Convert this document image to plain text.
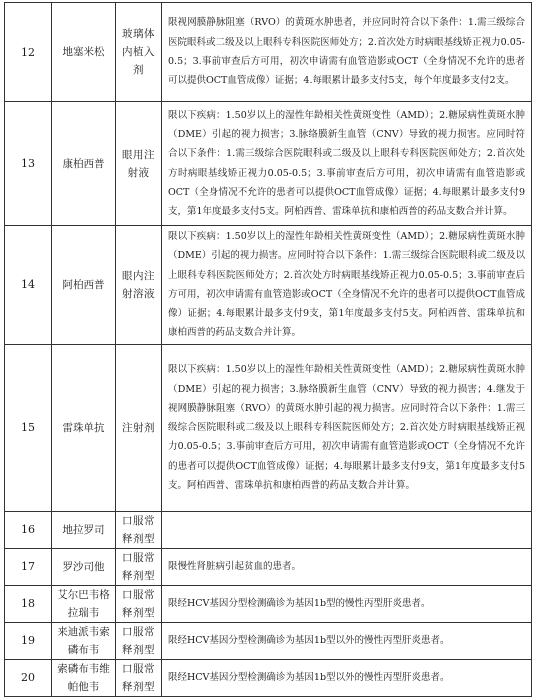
12	地塞米松	玻璃体内植入剂	限视网膜静脉阻塞（RVO）的黄斑水肿患者，并应同时符合以下条件：1.需三级综合医院眼科或二级及以上眼科专科医院医师处方；2.首次处方时病眼基线矫正视力0.05-0.5；3.事前审查后方可用，初次申请需有血管造影或OCT（全身情况不允许的患者可以提供OCT血管成像）证据；4.每眼累计最多支付5支，每个年度最多支付2支。
13	康柏西普	眼用注射液	限以下疾病：1.50岁以上的湿性年龄相关性黄斑变性（AMD）；2.糖尿病性黄斑水肿（DME）引起的视力损害；3.脉络膜新生血管（CNV）导致的视力损害。应同时符合以下条件：1.需三级综合医院眼科或二级及以上眼科专科医院医师处方；2.首次处方时病眼基线矫正视力0.05-0.5；3.事前审查后方可用，初次申请需有血管造影或OCT（全身情况不允许的患者可以提供OCT血管成像）证据；4.每眼累计最多支付9支，第1年度最多支付5支。阿柏西普、雷珠单抗和康柏西普的药品支数合并计算。
14	阿柏西普	眼内注射溶液	限以下疾病：1.50岁以上的湿性年龄相关性黄斑变性（AMD）；2.糖尿病性黄斑水肿（DME）引起的视力损害。应同时符合以下条件：1.需三级综合医院眼科或二级及以上眼科专科医院医师处方；2.首次处方时病眼基线矫正视力0.05-0.5；3.事前审查后方可用，初次申请需有血管造影或OCT（全身情况不允许的患者可以提供OCT血管成像）证据；4.每眼累计最多支付9支，第1年度最多支付5支。阿柏西普、雷珠单抗和康柏西普的药品支数合并计算。
15	雷珠单抗	注射剂	限以下疾病：1.50岁以上的湿性年龄相关性黄斑变性（AMD）；2.糖尿病性黄斑水肿（DME）引起的视力损害；3.脉络膜新生血管（CNV）导致的视力损害；4.继发于视网膜静脉阻塞（RVO）的黄斑水肿引起的视力损害。应同时符合以下条件：1.需三级综合医院眼科或二级及以上眼科专科医院医师处方；2.首次处方时病眼基线矫正视力0.05-0.5；3.事前审查后方可用，初次申请需有血管造影或OCT（全身情况不允许的患者可以提供OCT血管成像）证据；4.每眼累计最多支付9支，第1年度最多支付5支。阿柏西普、雷珠单抗和康柏西普的药品支数合并计算。
16	地拉罗司	口服常释剂型	
17	罗沙司他	口服常释剂型	限慢性肾脏病引起贫血的患者。
18	艾尔巴韦格拉瑞韦	口服常释剂型	限经HCV基因分型检测确诊为基因1b型的慢性丙型肝炎患者。
19	来迪派韦索磷布韦	口服常释剂型	限经HCV基因分型检测确诊为基因1b型以外的慢性丙型肝炎患者。
20	索磷布韦维帕他韦	口服常释剂型	限经HCV基因分型检测确诊为基因1b型以外的慢性丙型肝炎患者。
